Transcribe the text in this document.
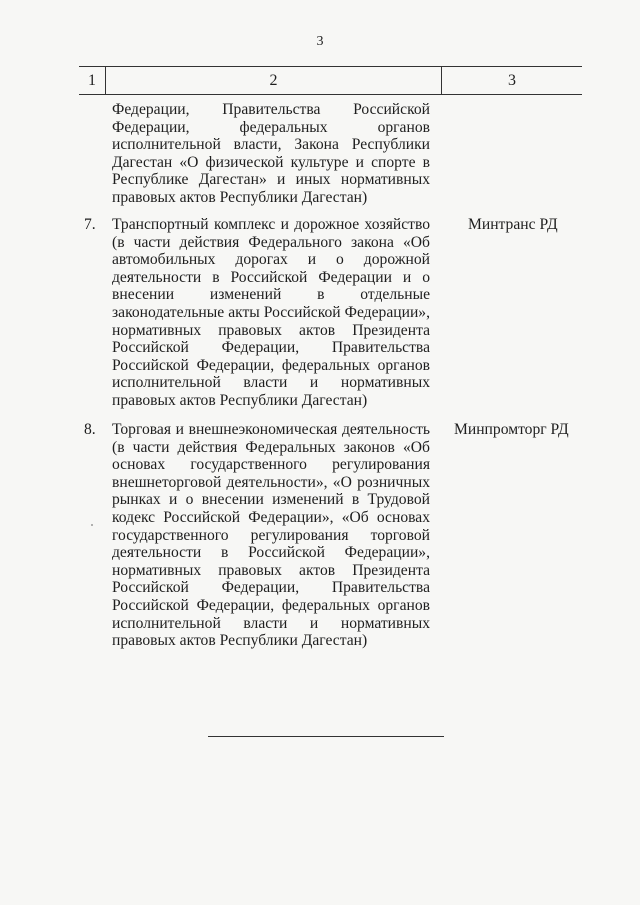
3
1	2	3
Федерации, Правительства Российской Федерации, федеральных органов исполнительной власти, Закона Республики Дагестан «О физической культуре и спорте в Республике Дагестан» и иных нормативных правовых актов Республики Дагестан)
7. Транспортный комплекс и дорожное хозяйство (в части действия Федерального закона «Об автомобильных дорогах и о дорожной деятельности в Российской Федерации и о внесении изменений в отдельные законодательные акты Российской Федерации», нормативных правовых актов Президента Российской Федерации, Правительства Российской Федерации, федеральных органов исполнительной власти и нормативных правовых актов Республики Дагестан)
Минтранс РД
8. Торговая и внешнеэкономическая деятельность (в части действия Федеральных законов «Об основах государственного регулирования внешнеторговой деятельности», «О розничных рынках и о внесении изменений в Трудовой кодекс Российской Федерации», «Об основах государственного регулирования торговой деятельности в Российской Федерации», нормативных правовых актов Президента Российской Федерации, Правительства Российской Федерации, федеральных органов исполнительной власти и нормативных правовых актов Республики Дагестан)
Минпромторг РД
